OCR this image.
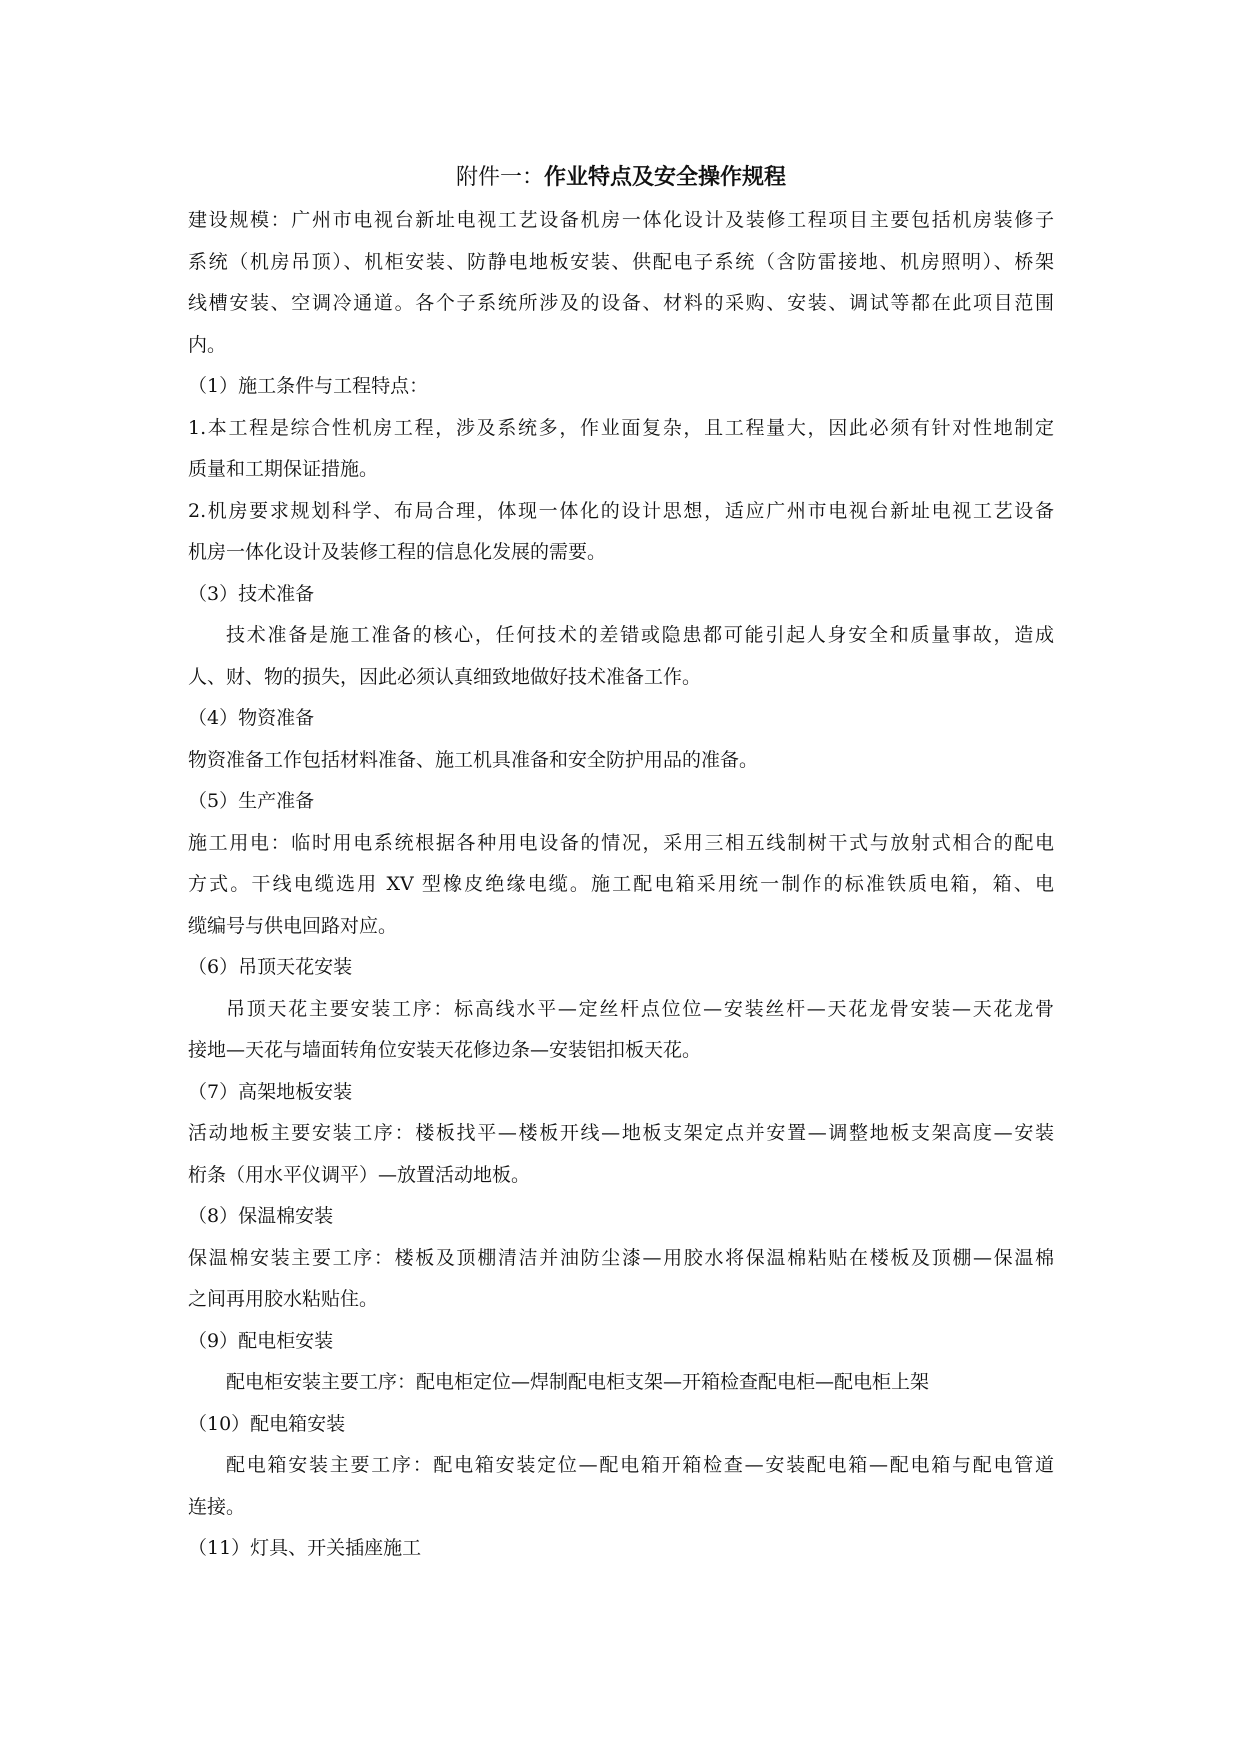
附件一：作业特点及安全操作规程
建设规模：广州市电视台新址电视工艺设备机房一体化设计及装修工程项目主要包括机房装修子
系统（机房吊顶）、机柜安装、防静电地板安装、供配电子系统（含防雷接地、机房照明）、桥架
线槽安装、空调冷通道。各个子系统所涉及的设备、材料的采购、安装、调试等都在此项目范围
内。
（1）施工条件与工程特点：
1.本工程是综合性机房工程，涉及系统多，作业面复杂，且工程量大，因此必须有针对性地制定
质量和工期保证措施。
2.机房要求规划科学、布局合理，体现一体化的设计思想，适应广州市电视台新址电视工艺设备
机房一体化设计及装修工程的信息化发展的需要。
（3）技术准备
技术准备是施工准备的核心，任何技术的差错或隐患都可能引起人身安全和质量事故，造成
人、财、物的损失，因此必须认真细致地做好技术准备工作。
（4）物资准备
物资准备工作包括材料准备、施工机具准备和安全防护用品的准备。
（5）生产准备
施工用电：临时用电系统根据各种用电设备的情况，采用三相五线制树干式与放射式相合的配电
方式。干线电缆选用 XV 型橡皮绝缘电缆。施工配电箱采用统一制作的标准铁质电箱，箱、电
缆编号与供电回路对应。
（6）吊顶天花安装
吊顶天花主要安装工序：标高线水平—定丝杆点位位—安装丝杆—天花龙骨安装—天花龙骨
接地—天花与墙面转角位安装天花修边条—安装铝扣板天花。
（7）高架地板安装
活动地板主要安装工序：楼板找平—楼板开线—地板支架定点并安置—调整地板支架高度—安装
桁条（用水平仪调平）—放置活动地板。
（8）保温棉安装
保温棉安装主要工序：楼板及顶棚清洁并油防尘漆—用胶水将保温棉粘贴在楼板及顶棚—保温棉
之间再用胶水粘贴住。
（9）配电柜安装
配电柜安装主要工序：配电柜定位—焊制配电柜支架—开箱检查配电柜—配电柜上架
（10）配电箱安装
配电箱安装主要工序：配电箱安装定位—配电箱开箱检查—安装配电箱—配电箱与配电管道
连接。
（11）灯具、开关插座施工
